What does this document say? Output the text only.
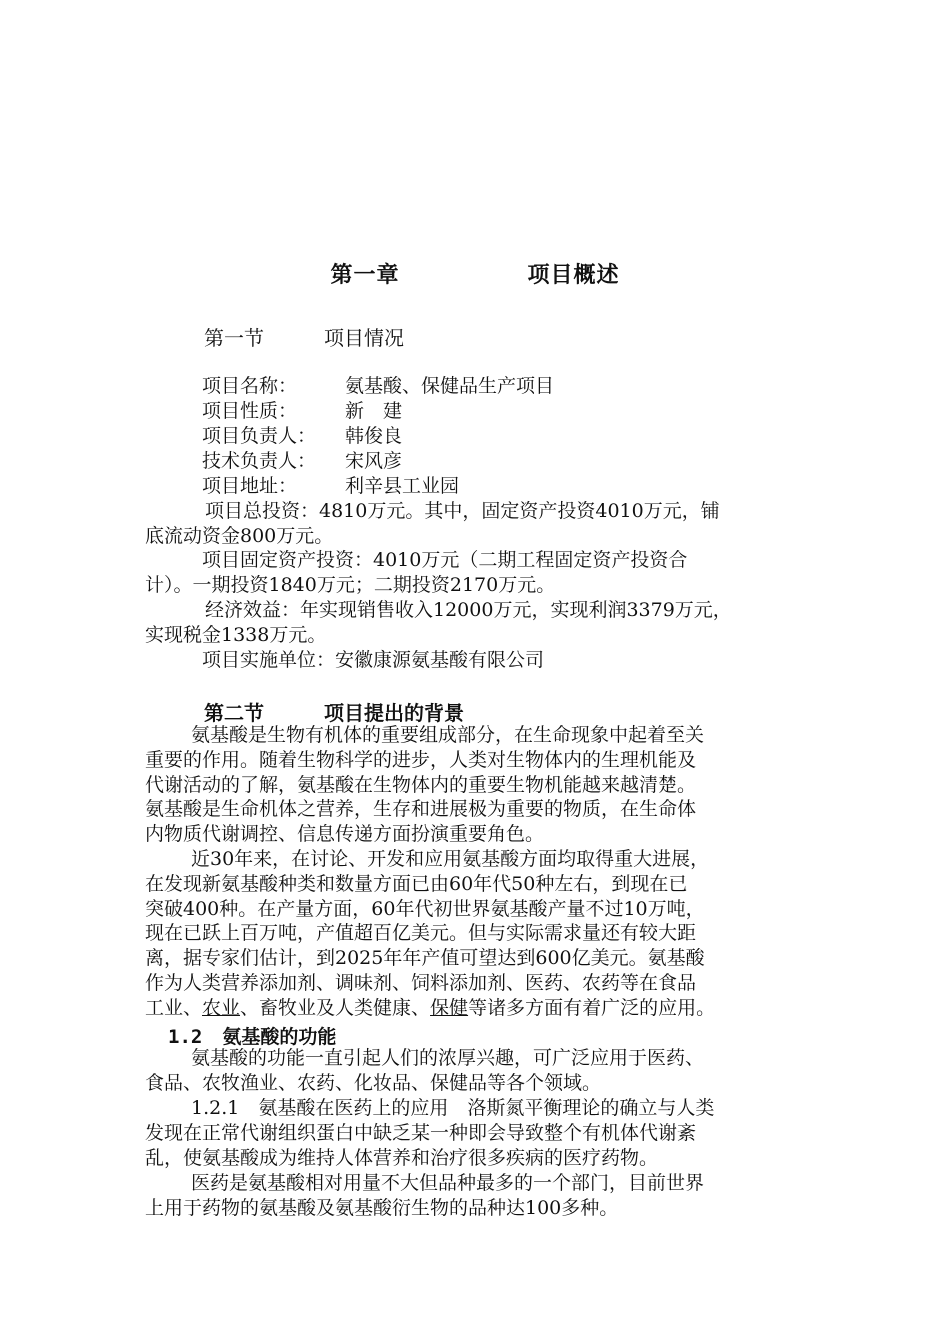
第一章	项目概述
第一节	项目情况
项目名称：	氨基酸、保健品生产项目
项目性质：	新　建
项目负责人： 韩俊良
技术负责人： 宋风彦
项目地址：	利辛县工业园
项目总投资：4810万元。其中，固定资产投资4010万元，铺
底流动资金800万元。
项目固定资产投资：4010万元（二期工程固定资产投资合
计）。一期投资1840万元；二期投资2170万元。
经济效益：年实现销售收入12000万元，实现利润3379万元，
实现税金1338万元。
项目实施单位：安徽康源氨基酸有限公司
第二节	项目提出的背景
氨基酸是生物有机体的重要组成部分，在生命现象中起着至关
重要的作用。随着生物科学的进步，人类对生物体内的生理机能及
代谢活动的了解，氨基酸在生物体内的重要生物机能越来越清楚。
氨基酸是生命机体之营养，生存和进展极为重要的物质，在生命体
内物质代谢调控、信息传递方面扮演重要角色。
近30年来，在讨论、开发和应用氨基酸方面均取得重大进展，
在发现新氨基酸种类和数量方面已由60年代50种左右，到现在已
突破400种。在产量方面，60年代初世界氨基酸产量不过10万吨，
现在已跃上百万吨，产值超百亿美元。但与实际需求量还有较大距
离，据专家们估计，到2025年年产值可望达到600亿美元。氨基酸
作为人类营养添加剂、调味剂、饲料添加剂、医药、农药等在食品
工业、农业、畜牧业及人类健康、保健等诸多方面有着广泛的应用。
1.2 氨基酸的功能
氨基酸的功能一直引起人们的浓厚兴趣，可广泛应用于医药、
食品、农牧渔业、农药、化妆品、保健品等各个领域。
1.2.1　氨基酸在医药上的应用　洛斯氮平衡理论的确立与人类
发现在正常代谢组织蛋白中缺乏某一种即会导致整个有机体代谢紊
乱，使氨基酸成为维持人体营养和治疗很多疾病的医疗药物。
医药是氨基酸相对用量不大但品种最多的一个部门，目前世界
上用于药物的氨基酸及氨基酸衍生物的品种达100多种。
